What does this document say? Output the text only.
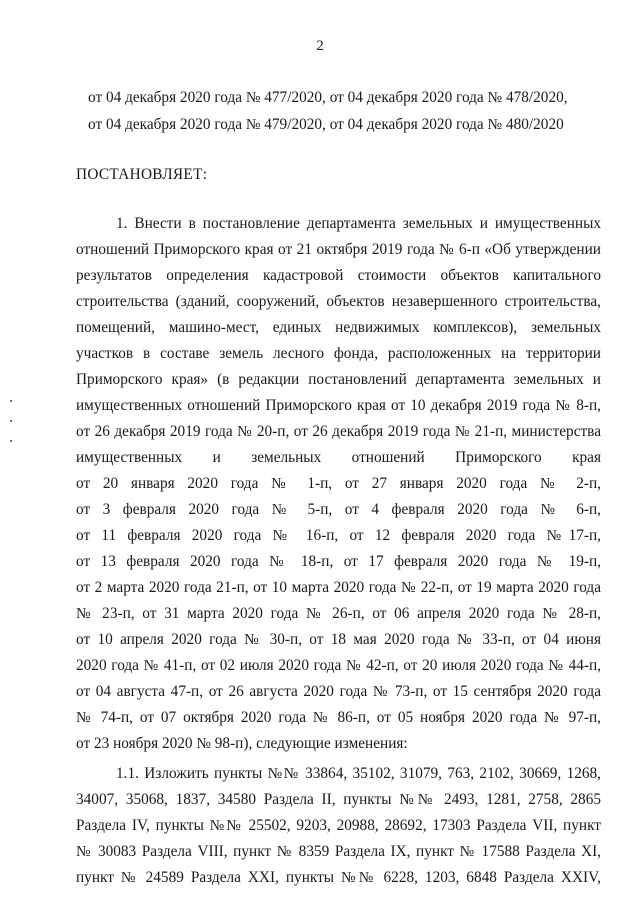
2
от 04 декабря 2020 года № 477/2020, от 04 декабря 2020 года № 478/2020,
от 04 декабря 2020 года № 479/2020, от 04 декабря 2020 года № 480/2020
ПОСТАНОВЛЯЕТ:
1. Внести в постановление департамента земельных и имущественных
отношений Приморского края от 21 октября 2019 года № 6-п «Об утверждении
результатов определения кадастровой стоимости объектов капитального
строительства (зданий, сооружений, объектов незавершенного строительства,
помещений, машино-мест, единых недвижимых комплексов), земельных
участков в составе земель лесного фонда, расположенных на территории
Приморского края» (в редакции постановлений департамента земельных и
имущественных отношений Приморского края от 10 декабря 2019 года № 8-п,
от 26 декабря 2019 года № 20-п, от 26 декабря 2019 года № 21-п, министерства
имущественных и земельных отношений Приморского края
от 20 января 2020 года № 1-п, от 27 января 2020 года № 2-п,
от 3 февраля 2020 года № 5-п, от 4 февраля 2020 года № 6-п,
от 11 февраля 2020 года № 16-п, от 12 февраля 2020 года №17-п,
от 13 февраля 2020 года № 18-п, от 17 февраля 2020 года № 19-п,
от 2 марта 2020 года 21-п, от 10 марта 2020 года № 22-п, от 19 марта 2020 года
№ 23-п, от 31 марта 2020 года № 26-п, от 06 апреля 2020 года № 28-п,
от 10 апреля 2020 года № 30-п, от 18 мая 2020 года № 33-п, от 04 июня
2020 года № 41-п, от 02 июля 2020 года № 42-п, от 20 июля 2020 года № 44-п,
от 04 августа 47-п, от 26 августа 2020 года № 73-п, от 15 сентября 2020 года
№ 74-п, от 07 октября 2020 года № 86-п, от 05 ноября 2020 года № 97-п,
от 23 ноября 2020 № 98-п), следующие изменения:
1.1. Изложить пункты №№ 33864, 35102, 31079, 763, 2102, 30669, 1268,
34007, 35068, 1837, 34580 Раздела II, пункты №№ 2493, 1281, 2758, 2865
Раздела IV, пункты №№ 25502, 9203, 20988, 28692, 17303 Раздела VII, пункт
№ 30083 Раздела VIII, пункт № 8359 Раздела IX, пункт № 17588 Раздела XI,
пункт № 24589 Раздела XXI, пункты №№ 6228, 1203, 6848 Раздела XXIV,
